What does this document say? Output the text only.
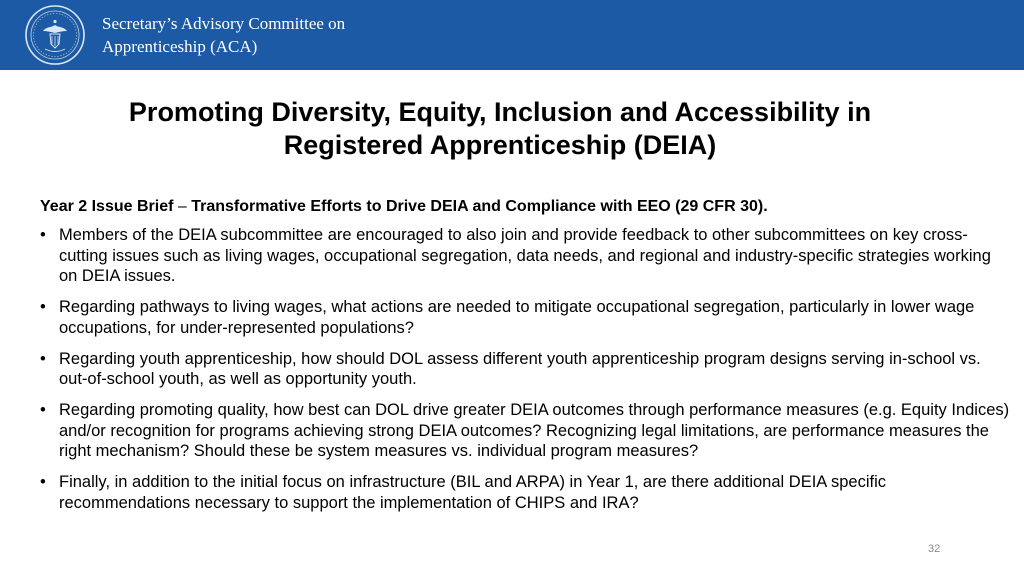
Secretary’s Advisory Committee on
Apprenticeship (ACA)
Promoting Diversity, Equity, Inclusion and Accessibility in
Registered Apprenticeship (DEIA)
Year 2 Issue Brief – Transformative Efforts to Drive DEIA and Compliance with EEO (29 CFR 30).
• Members of the DEIA subcommittee are encouraged to also join and provide feedback to other subcommittees on key cross-cutting issues such as living wages, occupational segregation, data needs, and regional and industry-specific strategies working on DEIA issues.
• Regarding pathways to living wages, what actions are needed to mitigate occupational segregation, particularly in lower wage occupations, for under-represented populations?
• Regarding youth apprenticeship, how should DOL assess different youth apprenticeship program designs serving in-school vs. out-of-school youth, as well as opportunity youth.
• Regarding promoting quality, how best can DOL drive greater DEIA outcomes through performance measures (e.g. Equity Indices) and/or recognition for programs achieving strong DEIA outcomes? Recognizing legal limitations, are performance measures the right mechanism? Should these be system measures vs. individual program measures?
• Finally, in addition to the initial focus on infrastructure (BIL and ARPA) in Year 1, are there additional DEIA specific recommendations necessary to support the implementation of CHIPS and IRA?
32
